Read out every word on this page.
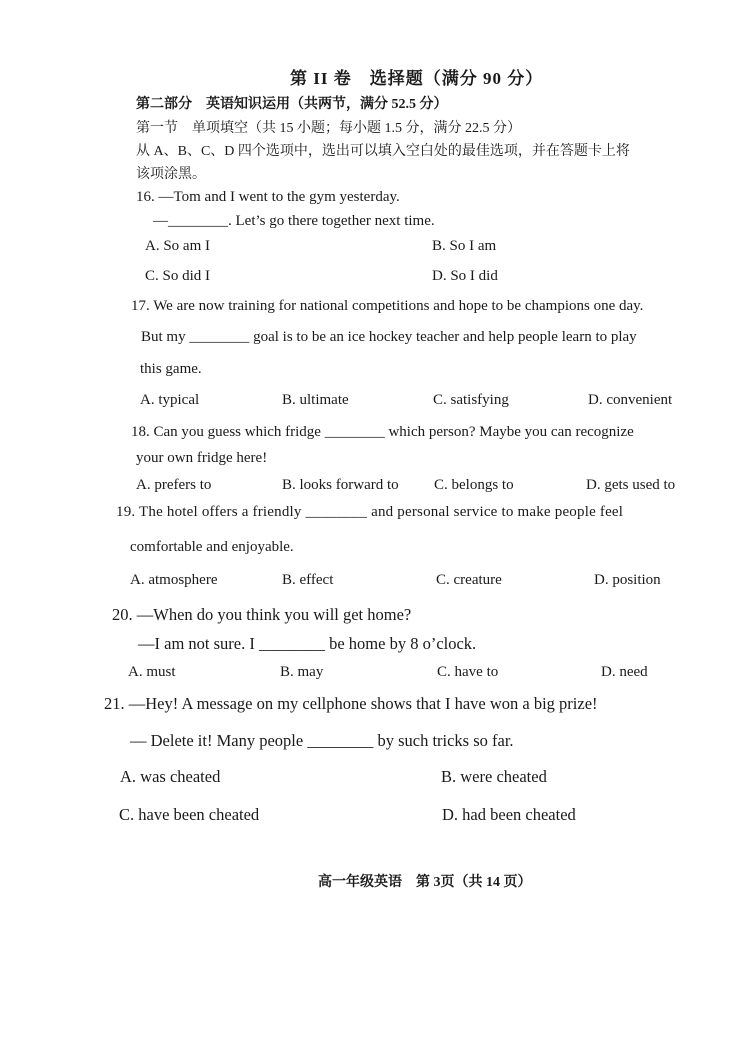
第 II 卷　选择题（满分 90 分）
第二部分　英语知识运用（共两节，满分 52.5 分）
第一节　单项填空（共 15 小题；每小题 1.5 分，满分 22.5 分）
从 A、B、C、D 四个选项中，选出可以填入空白处的最佳选项，并在答题卡上将
该项涂黑。
16. —Tom and I went to the gym yesterday.
—________. Let’s go there together next time.
A. So am I	B. So I am
C. So did I	D. So I did
17. We are now training for national competitions and hope to be champions one day.
But my ________ goal is to be an ice hockey teacher and help people learn to play
this game.
A. typical	B. ultimate	C. satisfying	D. convenient
18. Can you guess which fridge ________ which person? Maybe you can recognize
your own fridge here!
A. prefers to	B. looks forward to C. belongs to	D. gets used to
19. The hotel offers a friendly ________ and personal service to make people feel
comfortable and enjoyable.
A. atmosphere	B. effect	C. creature	D. position
20. —When do you think you will get home?
—I am not sure. I ________ be home by 8 o’clock.
A. must	B. may	C. have to	D. need
21. —Hey! A message on my cellphone shows that I have won a big prize!
— Delete it! Many people ________ by such tricks so far.
A. was cheated	B. were cheated
C. have been cheated	D. had been cheated
高一年级英语　第 3页（共 14 页）
